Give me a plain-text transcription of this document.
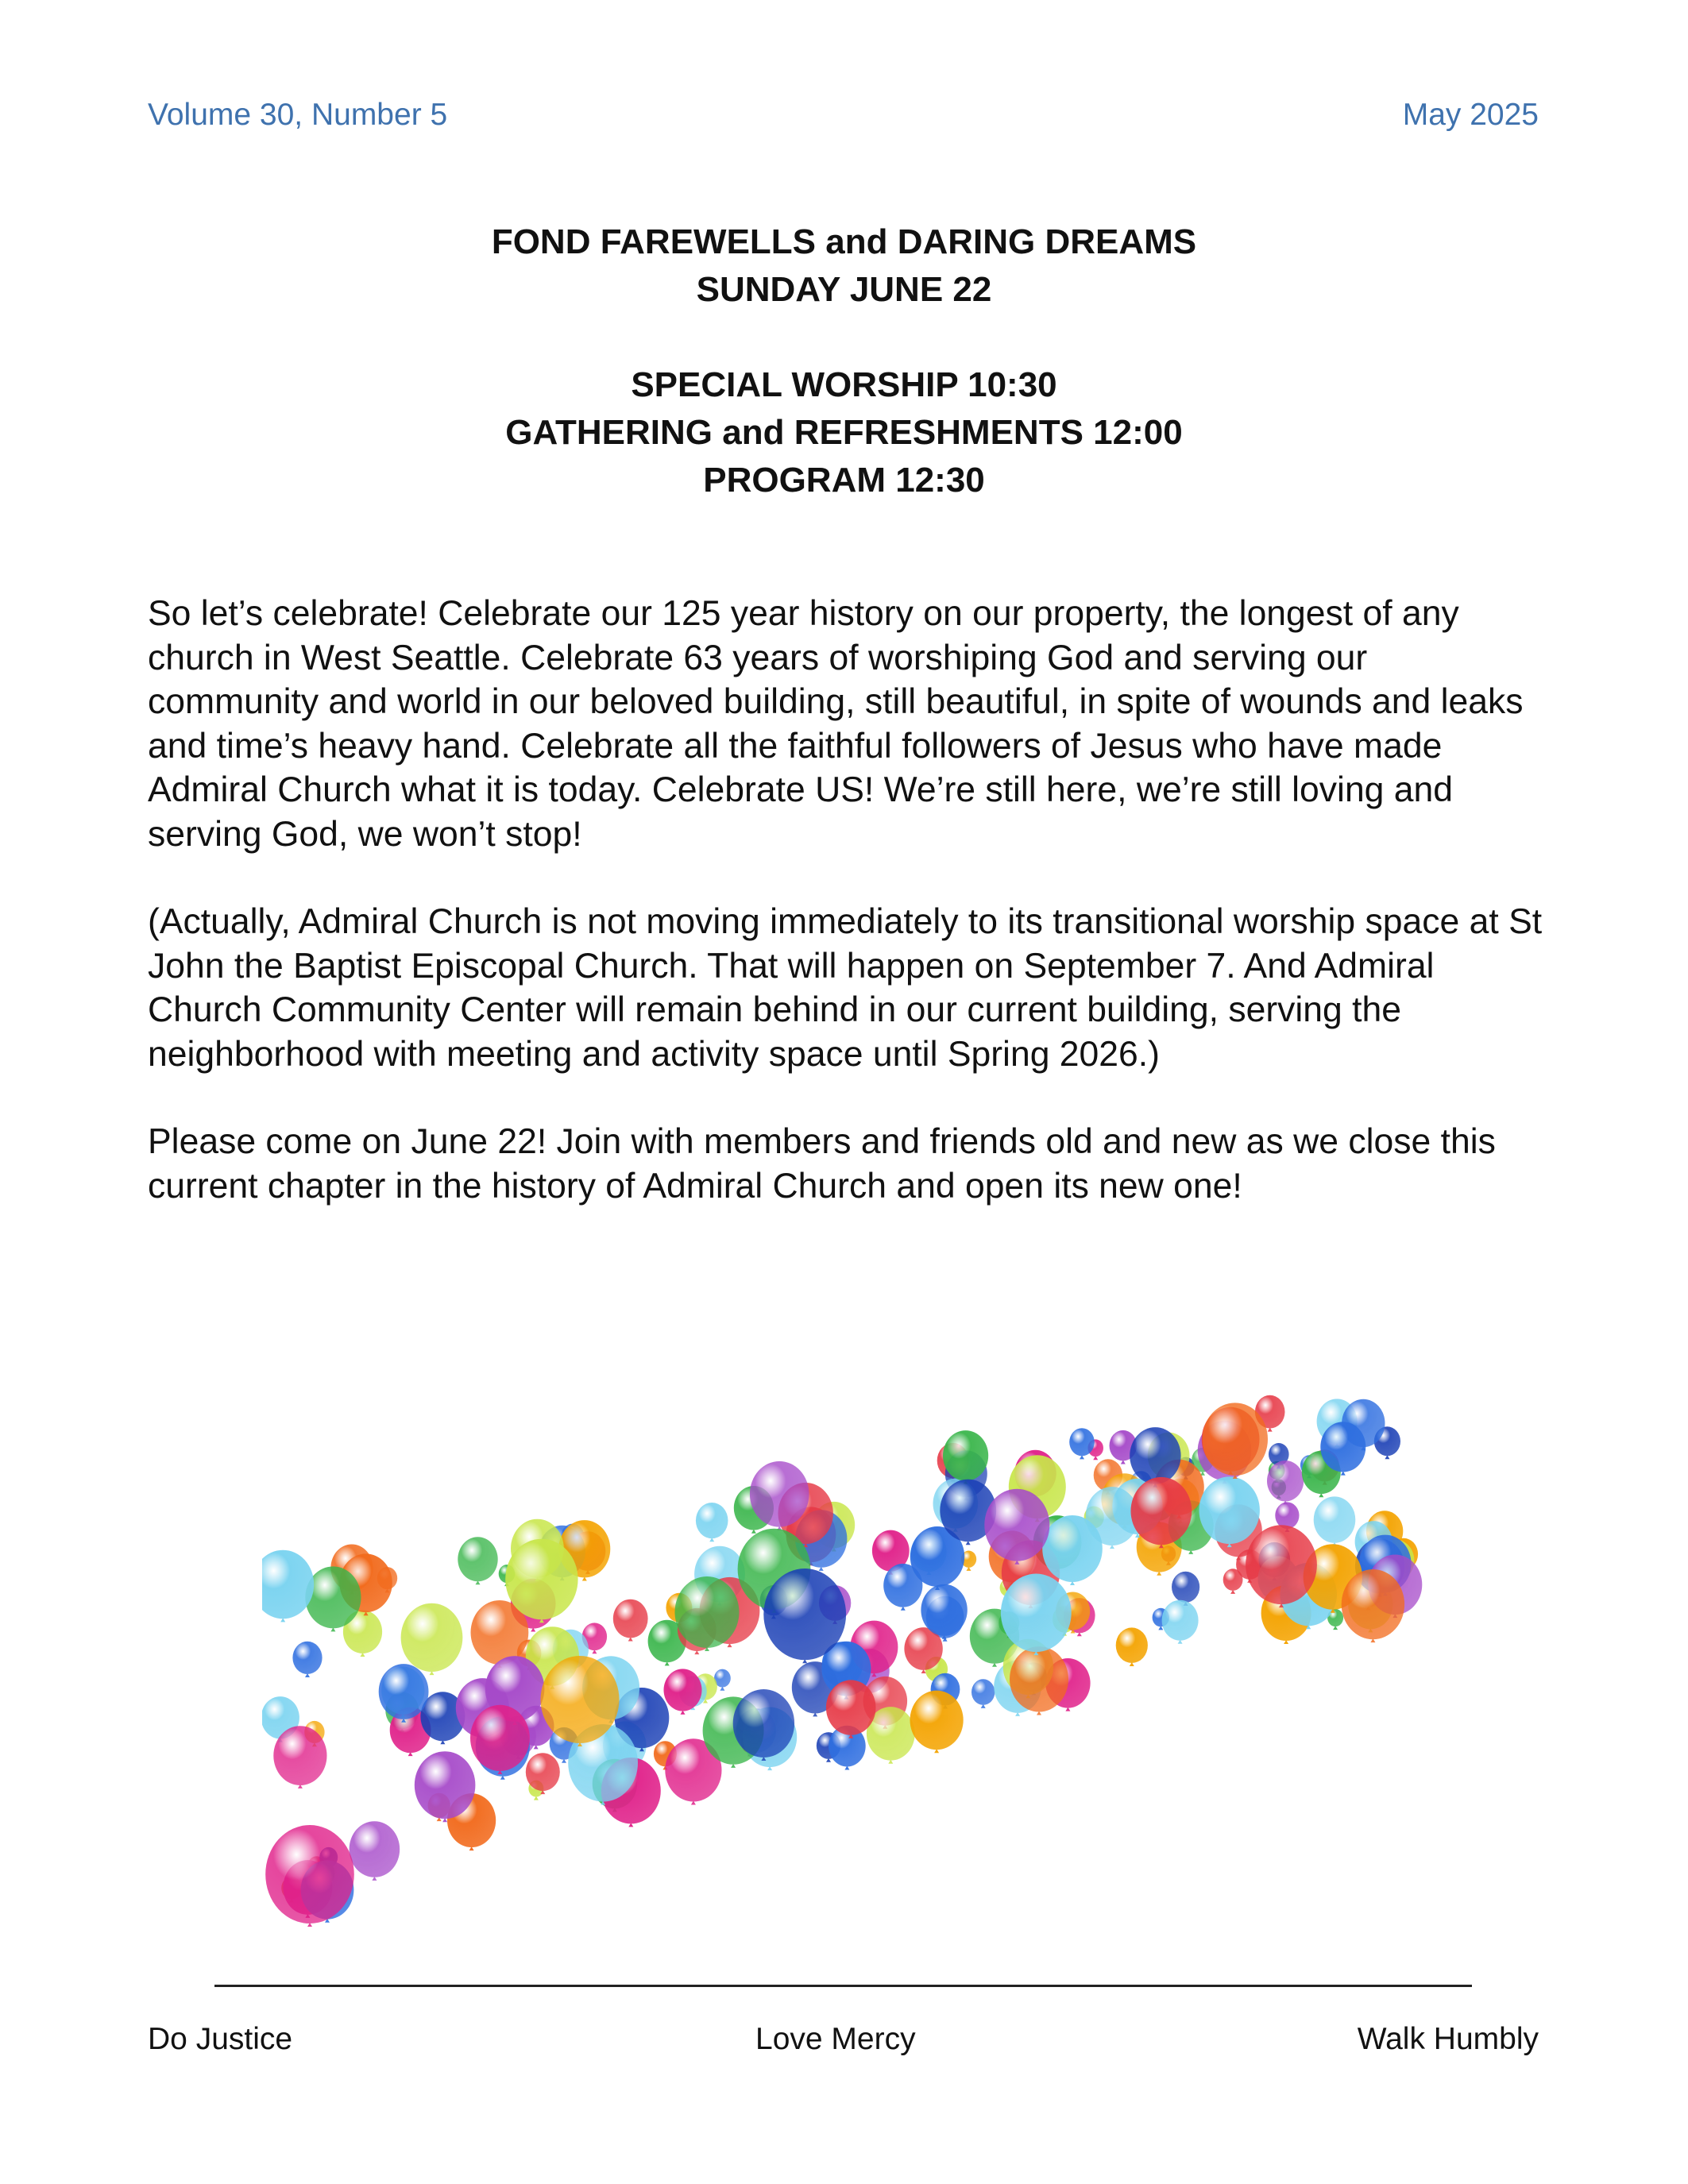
Volume 30, Number 5	May 2025
FOND FAREWELLS and DARING DREAMS
SUNDAY JUNE 22
SPECIAL WORSHIP 10:30
GATHERING and REFRESHMENTS 12:00
PROGRAM 12:30

So let’s celebrate! Celebrate our 125 year history on our property, the longest of any church in West Seattle. Celebrate 63 years of worshiping God and serving our community and world in our beloved building, still beautiful, in spite of wounds and leaks and time’s heavy hand. Celebrate all the faithful followers of Jesus who have made Admiral Church what it is today. Celebrate US! We’re still here, we’re still loving and serving God, we won’t stop!

(Actually, Admiral Church is not moving immediately to its transitional worship space at St John the Baptist Episcopal Church. That will happen on September 7. And Admiral Church Community Center will remain behind in our current building, serving the neighborhood with meeting and activity space until Spring 2026.)

Please come on June 22! Join with members and friends old and new as we close this current chapter in the history of Admiral Church and open its new one!

Do Justice	Love Mercy	Walk Humbly
